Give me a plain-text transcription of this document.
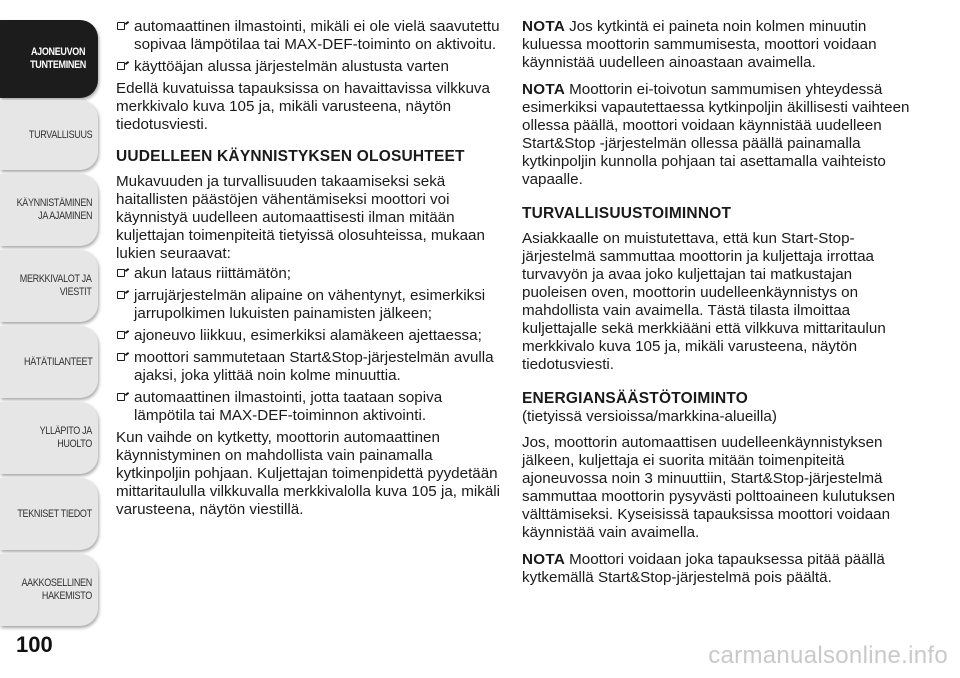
AJONEUVON
TUNTEMINEN
TURVALLISUUS
KÄYNNISTÄMINEN
JA AJAMINEN
MERKKIVALOT JA
VIESTIT
HÄTÄTILANTEET
YLLÄPITO JA HUOLTO
TEKNISET TIEDOT
AAKKOSELLINEN
HAKEMISTO
100
automaattinen ilmastointi, mikäli ei ole vielä saavutettu sopivaa lämpötilaa tai MAX-DEF-toiminto on aktivoitu.
käyttöäjan alussa järjestelmän alustusta varten

Edellä kuvatuissa tapauksissa on havaittavissa vilkkuva merkkivalo kuva 105 ja, mikäli varusteena, näytön tiedotusviesti.

UUDELLEEN KÄYNNISTYKSEN OLOSUHTEET

Mukavuuden ja turvallisuuden takaamiseksi sekä haitallisten päästöjen vähentämiseksi moottori voi käynnistyä uudelleen automaattisesti ilman mitään kuljettajan toimenpiteitä tietyissä olosuhteissa, mukaan lukien seuraavat:

akun lataus riittämätön;
jarrujärjestelmän alipaine on vähentynyt, esimerkiksi jarrupolkimen lukuisten painamisten jälkeen;
ajoneuvo liikkuu, esimerkiksi alamäkeen ajettaessa;
moottori sammutetaan Start&Stop-järjestelmän avulla ajaksi, joka ylittää noin kolme minuuttia.
automaattinen ilmastointi, jotta taataan sopiva lämpötila tai MAX-DEF-toiminnon aktivointi.

Kun vaihde on kytketty, moottorin automaattinen käynnistyminen on mahdollista vain painamalla kytkinpoljin pohjaan. Kuljettajan toimenpidettä pyydetään mittaritaululla vilkkuvalla merkkivalolla kuva 105 ja, mikäli varusteena, näytön viestillä.

NOTA Jos kytkintä ei paineta noin kolmen minuutin kuluessa moottorin sammumisesta, moottori voidaan käynnistää uudelleen ainoastaan avaimella.

NOTA Moottorin ei-toivotun sammumisen yhteydessä esimerkiksi vapautettaessa kytkinpoljin äkillisesti vaihteen ollessa päällä, moottori voidaan käynnistää uudelleen Start&Stop -järjestelmän ollessa päällä painamalla kytkinpoljin kunnolla pohjaan tai asettamalla vaihteisto vapaalle.

TURVALLISUUSTOIMINNOT

Asiakkaalle on muistutettava, että kun Start-Stop-järjestelmä sammuttaa moottorin ja kuljettaja irrottaa turvavyön ja avaa joko kuljettajan tai matkustajan puoleisen oven, moottorin uudelleenkäynnistys on mahdollista vain avaimella. Tästä tilasta ilmoittaa kuljettajalle sekä merkkiääni että vilkkuva mittaritaulun merkkivalo kuva 105 ja, mikäli varusteena, näytön tiedotusviesti.

ENERGIANSÄÄSTÖTOIMINTO

(tietyissä versioissa/markkina-alueilla)

Jos, moottorin automaattisen uudelleenkäynnistyksen jälkeen, kuljettaja ei suorita mitään toimenpiteitä ajoneuvossa noin 3 minuuttiin, Start&Stop-järjestelmä sammuttaa moottorin pysyvästi polttoaineen kulutuksen välttämiseksi. Kyseisissä tapauksissa moottori voidaan käynnistää vain avaimella.

NOTA Moottori voidaan joka tapauksessa pitää päällä kytkemällä Start&Stop-järjestelmä pois päältä.

carmanualsonline.info
